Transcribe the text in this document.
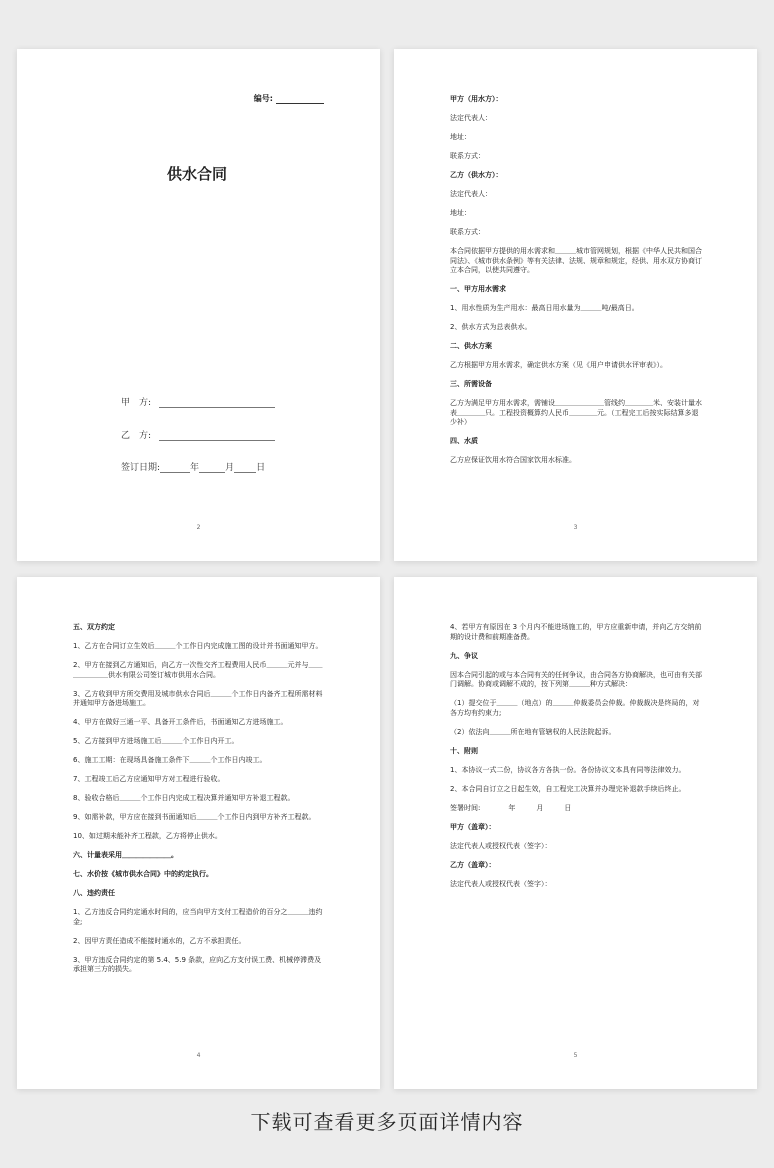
编号:
供水合同
甲　方:
乙　方:
签订日期:	年	月 日
2
甲方（用水方）：
法定代表人：
地址：
联系方式：
乙方（供水方）：
法定代表人：
地址：
联系方式：
本合同依据甲方提供的用水需求和＿＿＿城市管网规划，根据《中华人民共和国合同法》、《城市供水条例》等有关法律、法规、规章和规定，经供、用水双方协商订立本合同，以使共同遵守。
一、甲方用水需求
1、用水性质为生产用水：最高日用水量为＿＿＿吨/最高日。
2、供水方式为总表供水。
二、供水方案
乙方根据甲方用水需求，确定供水方案（见《用户申请供水评审表》）。
三、所需设备
乙方为满足甲方用水需求，需铺设＿＿＿＿＿＿＿管线约＿＿＿＿米、安装计量水表＿＿＿＿只。工程投资概算约人民币＿＿＿＿元。（工程完工后按实际结算多退少补）
四、水质
乙方应保证饮用水符合国家饮用水标准。
3
五、双方约定
1、乙方在合同订立生效后＿＿＿个工作日内完成施工图的设计并书面通知甲方。
2、甲方在接到乙方通知后，向乙方一次性交齐工程费用人民币＿＿＿元并与＿＿＿＿＿＿＿供水有限公司签订城市供用水合同。
3、乙方收到甲方所交费用及城市供水合同后＿＿＿个工作日内备齐工程所需材料并通知甲方备进场施工。
4、甲方在做好三通一平、具备开工条件后，书面通知乙方进场施工。
5、乙方接到甲方进场施工后＿＿＿个工作日内开工。
6、施工工期：在现场具备施工条件下＿＿＿个工作日内竣工。
7、工程竣工后乙方应通知甲方对工程进行验收。
8、验收合格后＿＿＿个工作日内完成工程决算并通知甲方补退工程款。
9、如需补款，甲方应在接到书面通知后＿＿＿个工作日内到甲方补齐工程款。
10、如过期未能补齐工程款，乙方将停止供水。
六、计量表采用＿＿＿＿＿＿＿。
七、水价按《城市供水合同》中的约定执行。
八、违约责任
1、乙方违反合同约定通水时间的，应当向甲方支付工程造价的百分之＿＿＿违约金;
2、因甲方责任造成不能接时通水的，乙方不承担责任。
3、甲方违反合同约定的第 5.4、5.9 条款，应向乙方支付误工费、机械停滞费及承担第三方的损失。
4
4、若甲方有原因在 3 个月内不能进场施工的，甲方应重新申请，并向乙方交纳前期的设计费和前期准备费。
九、争议
因本合同引起的或与本合同有关的任何争议，由合同各方协商解决，也可由有关部门调解。协商或调解不成的，按下列第＿＿＿种方式解决：
（1）提交位于＿＿＿（地点）的＿＿＿仲裁委员会仲裁。仲裁裁决是终局的，对各方均有约束力;
（2）依法向＿＿＿所在地有管辖权的人民法院起诉。
十、附则
1、本协议一式二份，协议各方各执一份。各份协议文本具有同等法律效力。
2、本合同自订立之日起生效，自工程完工决算并办理完补退款手续后终止。
签署时间:　　　　年　　　月　　　日
甲方（盖章）：
法定代表人或授权代表（签字）：
乙方（盖章）：
法定代表人或授权代表（签字）：
5
下载可查看更多页面详情内容
